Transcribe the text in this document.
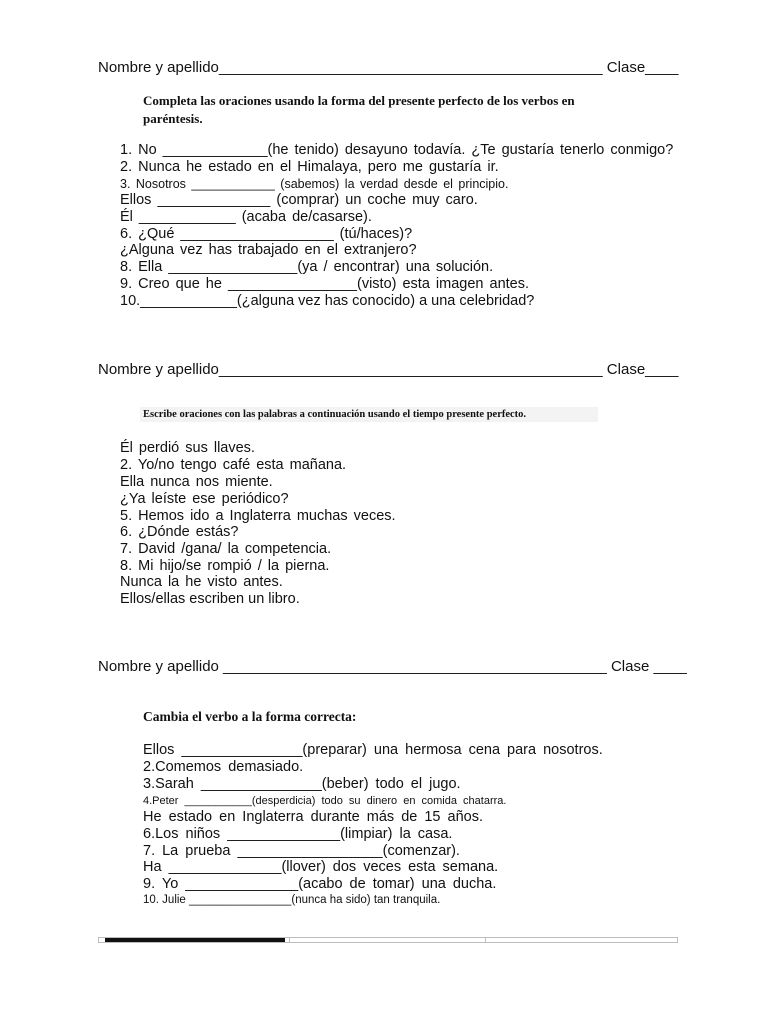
Nombre y apellido______________________________________________ Clase____
Completa las oraciones usando la forma del presente perfecto de los verbos en
paréntesis.
1. No _____________(he tenido) desayuno todavía. ¿Te gustaría tenerlo conmigo?
2. Nunca he estado en el Himalaya, pero me gustaría ir.
3. Nosotros ____________ (sabemos) la verdad desde el principio.
Ellos ______________ (comprar) un coche muy caro.
Él ____________ (acaba de/casarse).
6. ¿Qué ___________________ (tú/haces)?
¿Alguna vez has trabajado en el extranjero?
8. Ella ________________(ya / encontrar) una solución.
9. Creo que he ________________(visto) esta imagen antes.
10.____________(¿alguna vez has conocido) a una celebridad?
Nombre y apellido______________________________________________ Clase____
Escribe oraciones con las palabras a continuación usando el tiempo presente perfecto.
Él perdió sus llaves.
2. Yo/no tengo café esta mañana.
Ella nunca nos miente.
¿Ya leíste ese periódico?
5. Hemos ido a Inglaterra muchas veces.
6. ¿Dónde estás?
7. David /gana/ la competencia.
8. Mi hijo/se rompió / la pierna.
Nunca la he visto antes.
Ellos/ellas escriben un libro.
Nombre y apellido ______________________________________________ Clase ____
Cambia el verbo a la forma correcta:
Ellos _______________(preparar) una hermosa cena para nosotros.
2.Comemos demasiado.
3.Sarah _______________(beber) todo el jugo.
4.Peter ___________(desperdicia) todo su dinero en comida chatarra.
He estado en Inglaterra durante más de 15 años.
6.Los niños ______________(limpiar) la casa.
7. La prueba __________________(comenzar).
Ha ______________(llover) dos veces esta semana.
9. Yo ______________(acabo de tomar) una ducha.
10. Julie ________________(nunca ha sido) tan tranquila.
